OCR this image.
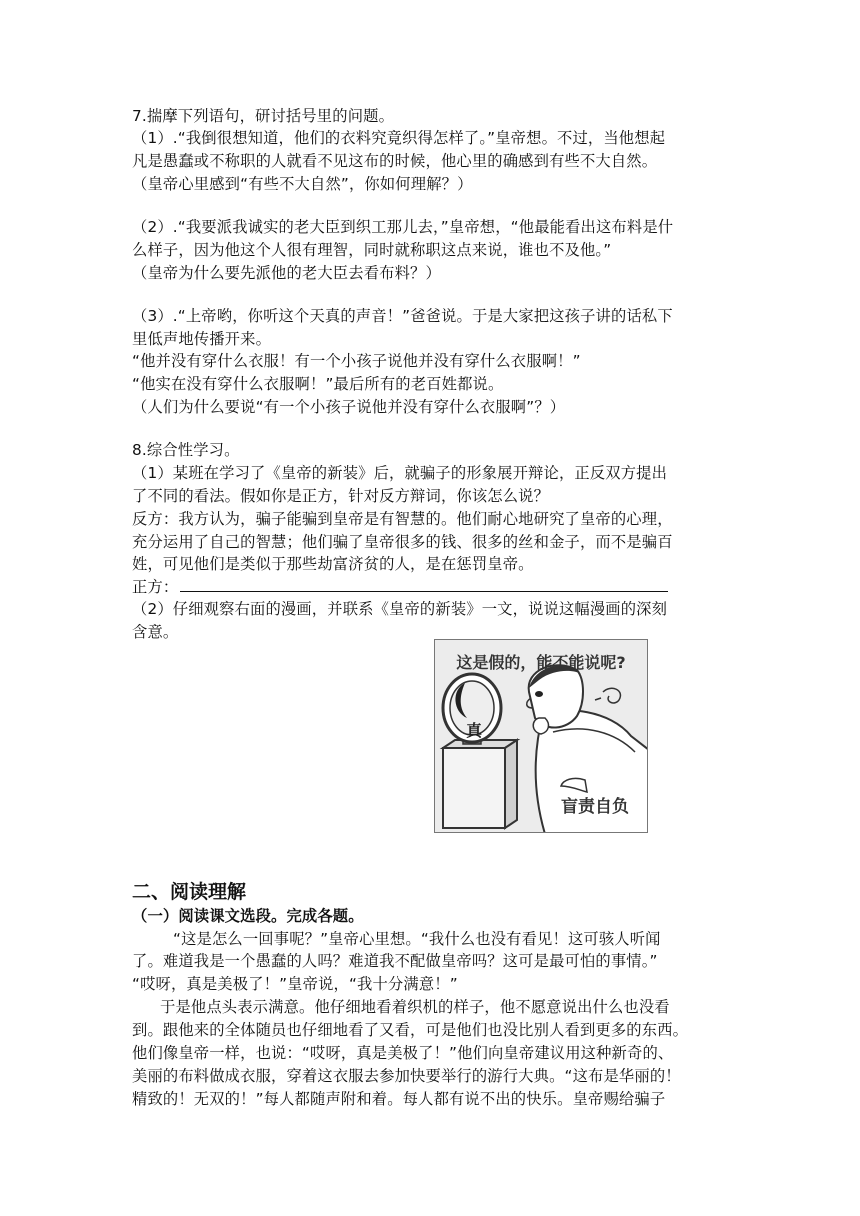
7.揣摩下列语句，研讨括号里的问题。
（1）.“我倒很想知道，他们的衣料究竟织得怎样了。”皇帝想。不过，当他想起
凡是愚蠢或不称职的人就看不见这布的时候，他心里的确感到有些不大自然。
（皇帝心里感到“有些不大自然”，你如何理解？）
（2）.“我要派我诚实的老大臣到织工那儿去，”皇帝想，“他最能看出这布料是什
么样子，因为他这个人很有理智，同时就称职这点来说，谁也不及他。”
（皇帝为什么要先派他的老大臣去看布料？）
（3）.“上帝哟，你听这个天真的声音！”爸爸说。于是大家把这孩子讲的话私下
里低声地传播开来。
“他并没有穿什么衣服！有一个小孩子说他并没有穿什么衣服啊！”
“他实在没有穿什么衣服啊！”最后所有的老百姓都说。
（人们为什么要说“有一个小孩子说他并没有穿什么衣服啊”？）
8.综合性学习。
（1）某班在学习了《皇帝的新装》后，就骗子的形象展开辩论，正反双方提出
了不同的看法。假如你是正方，针对反方辩词，你该怎么说？
反方：我方认为，骗子能骗到皇帝是有智慧的。他们耐心地研究了皇帝的心理，
充分运用了自己的智慧；他们骗了皇帝很多的钱、很多的丝和金子，而不是骗百
姓，可见他们是类似于那些劫富济贫的人，是在惩罚皇帝。
正方：
（2）仔细观察右面的漫画，并联系《皇帝的新装》一文，说说这幅漫画的深刻
含意。
这是假的，能不能说呢?
真
盲责自负
二、阅读理解
（一）阅读课文选段。完成各题。
“这是怎么一回事呢？”皇帝心里想。“我什么也没有看见！这可骇人听闻
了。难道我是一个愚蠢的人吗？难道我不配做皇帝吗？这可是最可怕的事情。”
“哎呀，真是美极了！”皇帝说，“我十分满意！”
于是他点头表示满意。他仔细地看着织机的样子，他不愿意说出什么也没看
到。跟他来的全体随员也仔细地看了又看，可是他们也没比别人看到更多的东西。
他们像皇帝一样，也说：“哎呀，真是美极了！”他们向皇帝建议用这种新奇的、
美丽的布料做成衣服，穿着这衣服去参加快要举行的游行大典。“这布是华丽的！
精致的！无双的！”每人都随声附和着。每人都有说不出的快乐。皇帝赐给骗子
